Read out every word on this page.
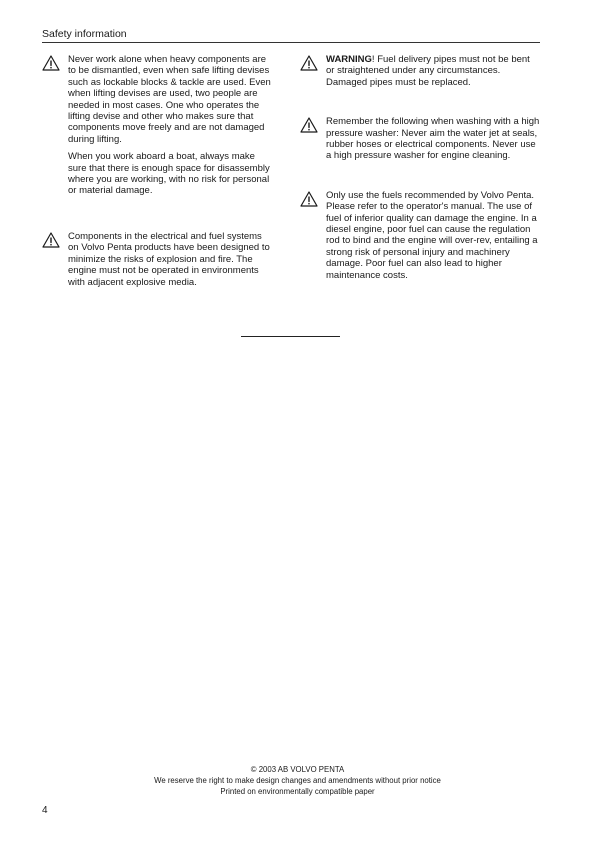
Safety information

Never work alone when heavy components are to be dismantled, even when safe lifting devises such as lockable blocks & tackle are used. Even when lifting devises are used, two people are needed in most cases. One who operates the lifting devise and other who makes sure that components move freely and are not damaged during lifting.

When you work aboard a boat, always make sure that there is enough space for disassembly where you are working, with no risk for personal or material damage.

Components in the electrical and fuel systems on Volvo Penta products have been designed to minimize the risks of explosion and fire. The engine must not be operated in environments with adjacent explosive media.

WARNING! Fuel delivery pipes must not be bent or straightened under any circumstances. Damaged pipes must be replaced.

Remember the following when washing with a high pressure washer: Never aim the water jet at seals, rubber hoses or electrical components. Never use a high pressure washer for engine cleaning.

Only use the fuels recommended by Volvo Penta. Please refer to the operator's manual. The use of fuel of inferior quality can damage the engine. In a diesel engine, poor fuel can cause the regulation rod to bind and the engine will over-rev, entailing a strong risk of personal injury and machinery damage. Poor fuel can also lead to higher maintenance costs.

© 2003 AB VOLVO PENTA
We reserve the right to make design changes and amendments without prior notice
Printed on environmentally compatible paper
4
